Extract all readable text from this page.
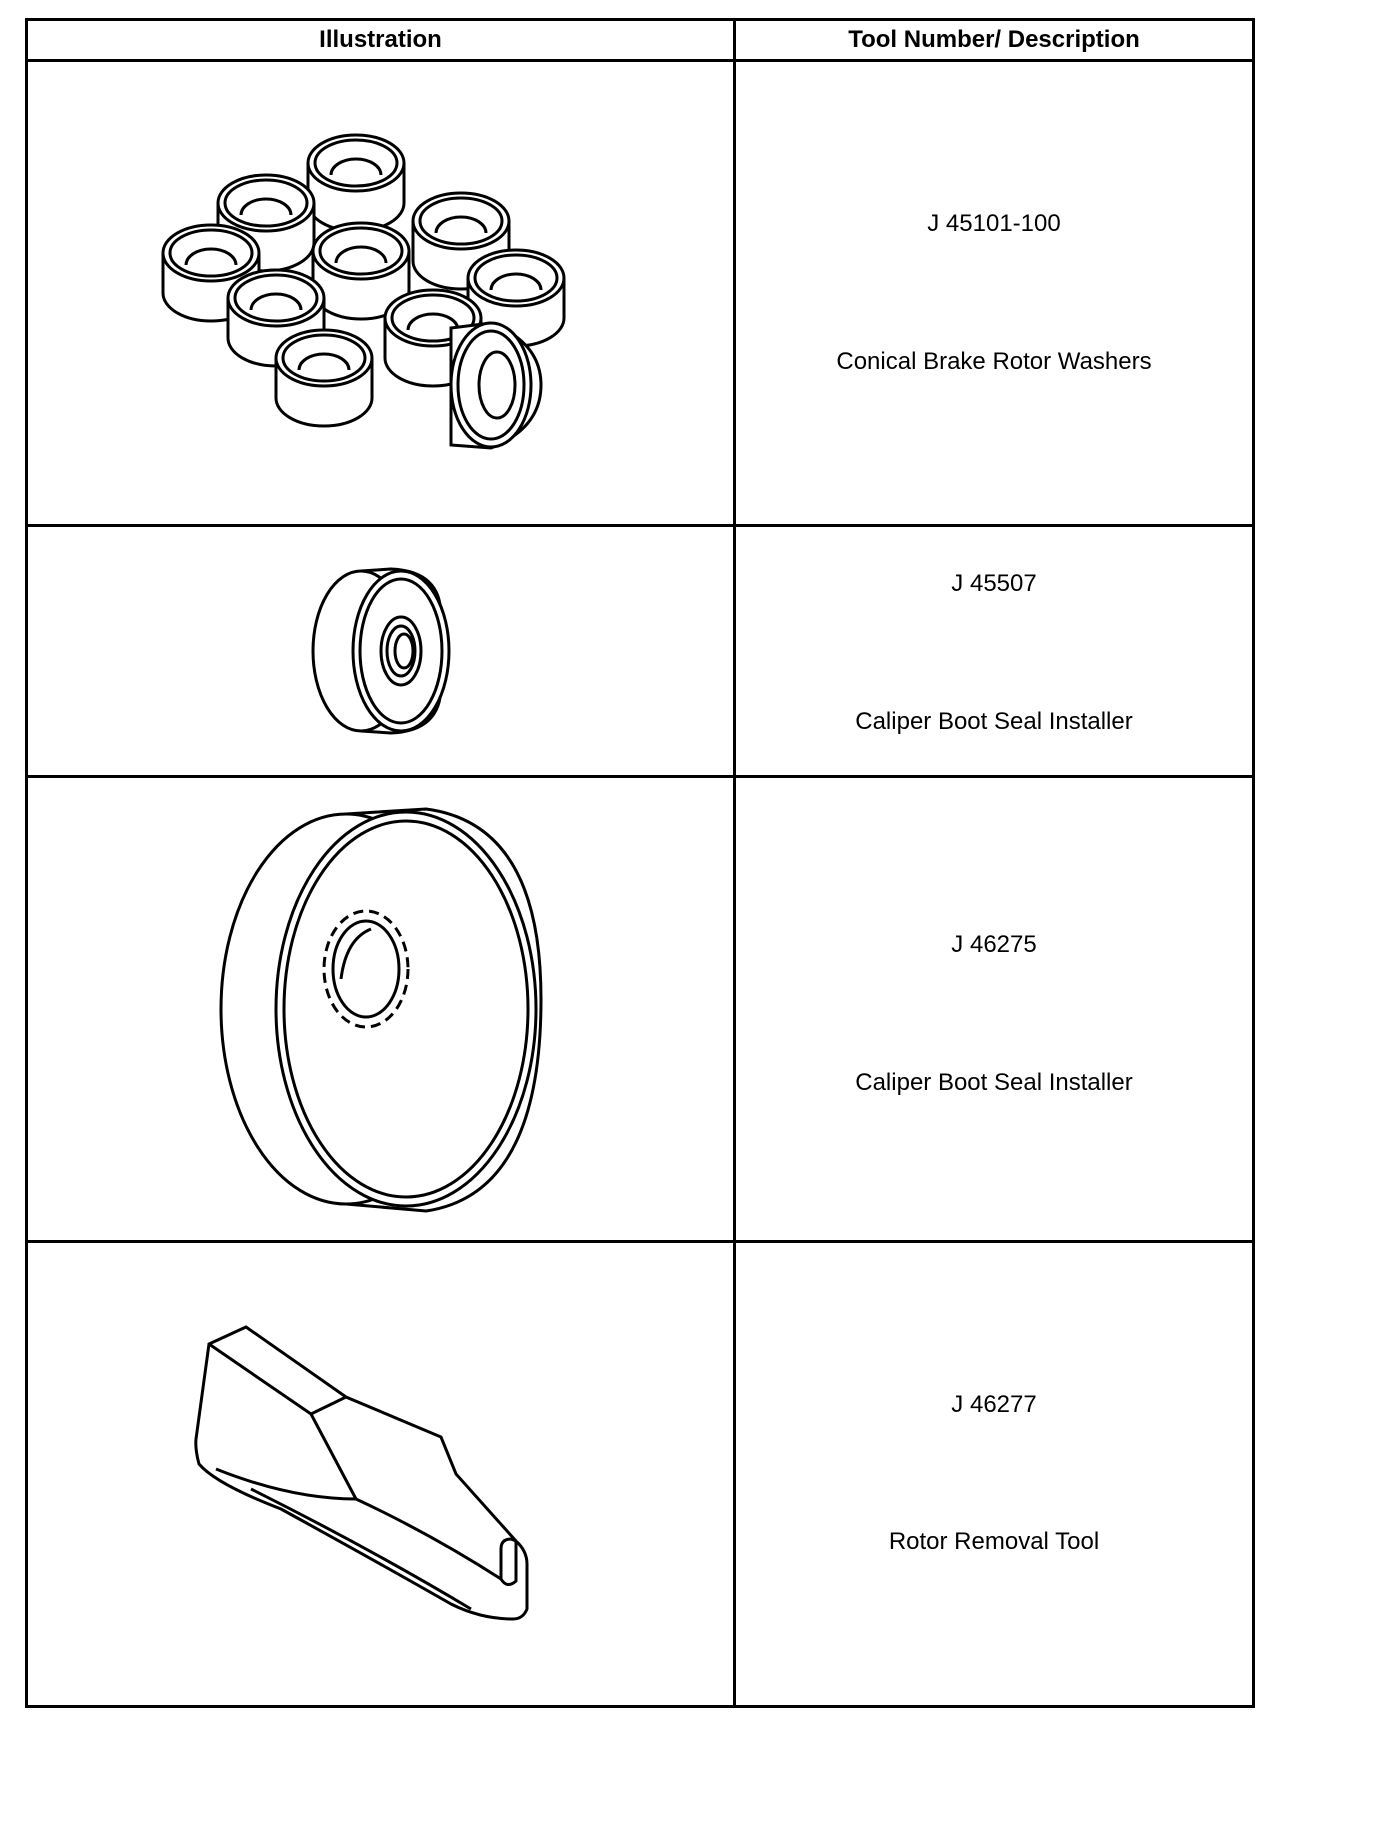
Illustration	Tool Number/ Description

J 45101-100
Conical Brake Rotor Washers

J 45507
Caliper Boot Seal Installer

J 46275
Caliper Boot Seal Installer

J 46277
Rotor Removal Tool
